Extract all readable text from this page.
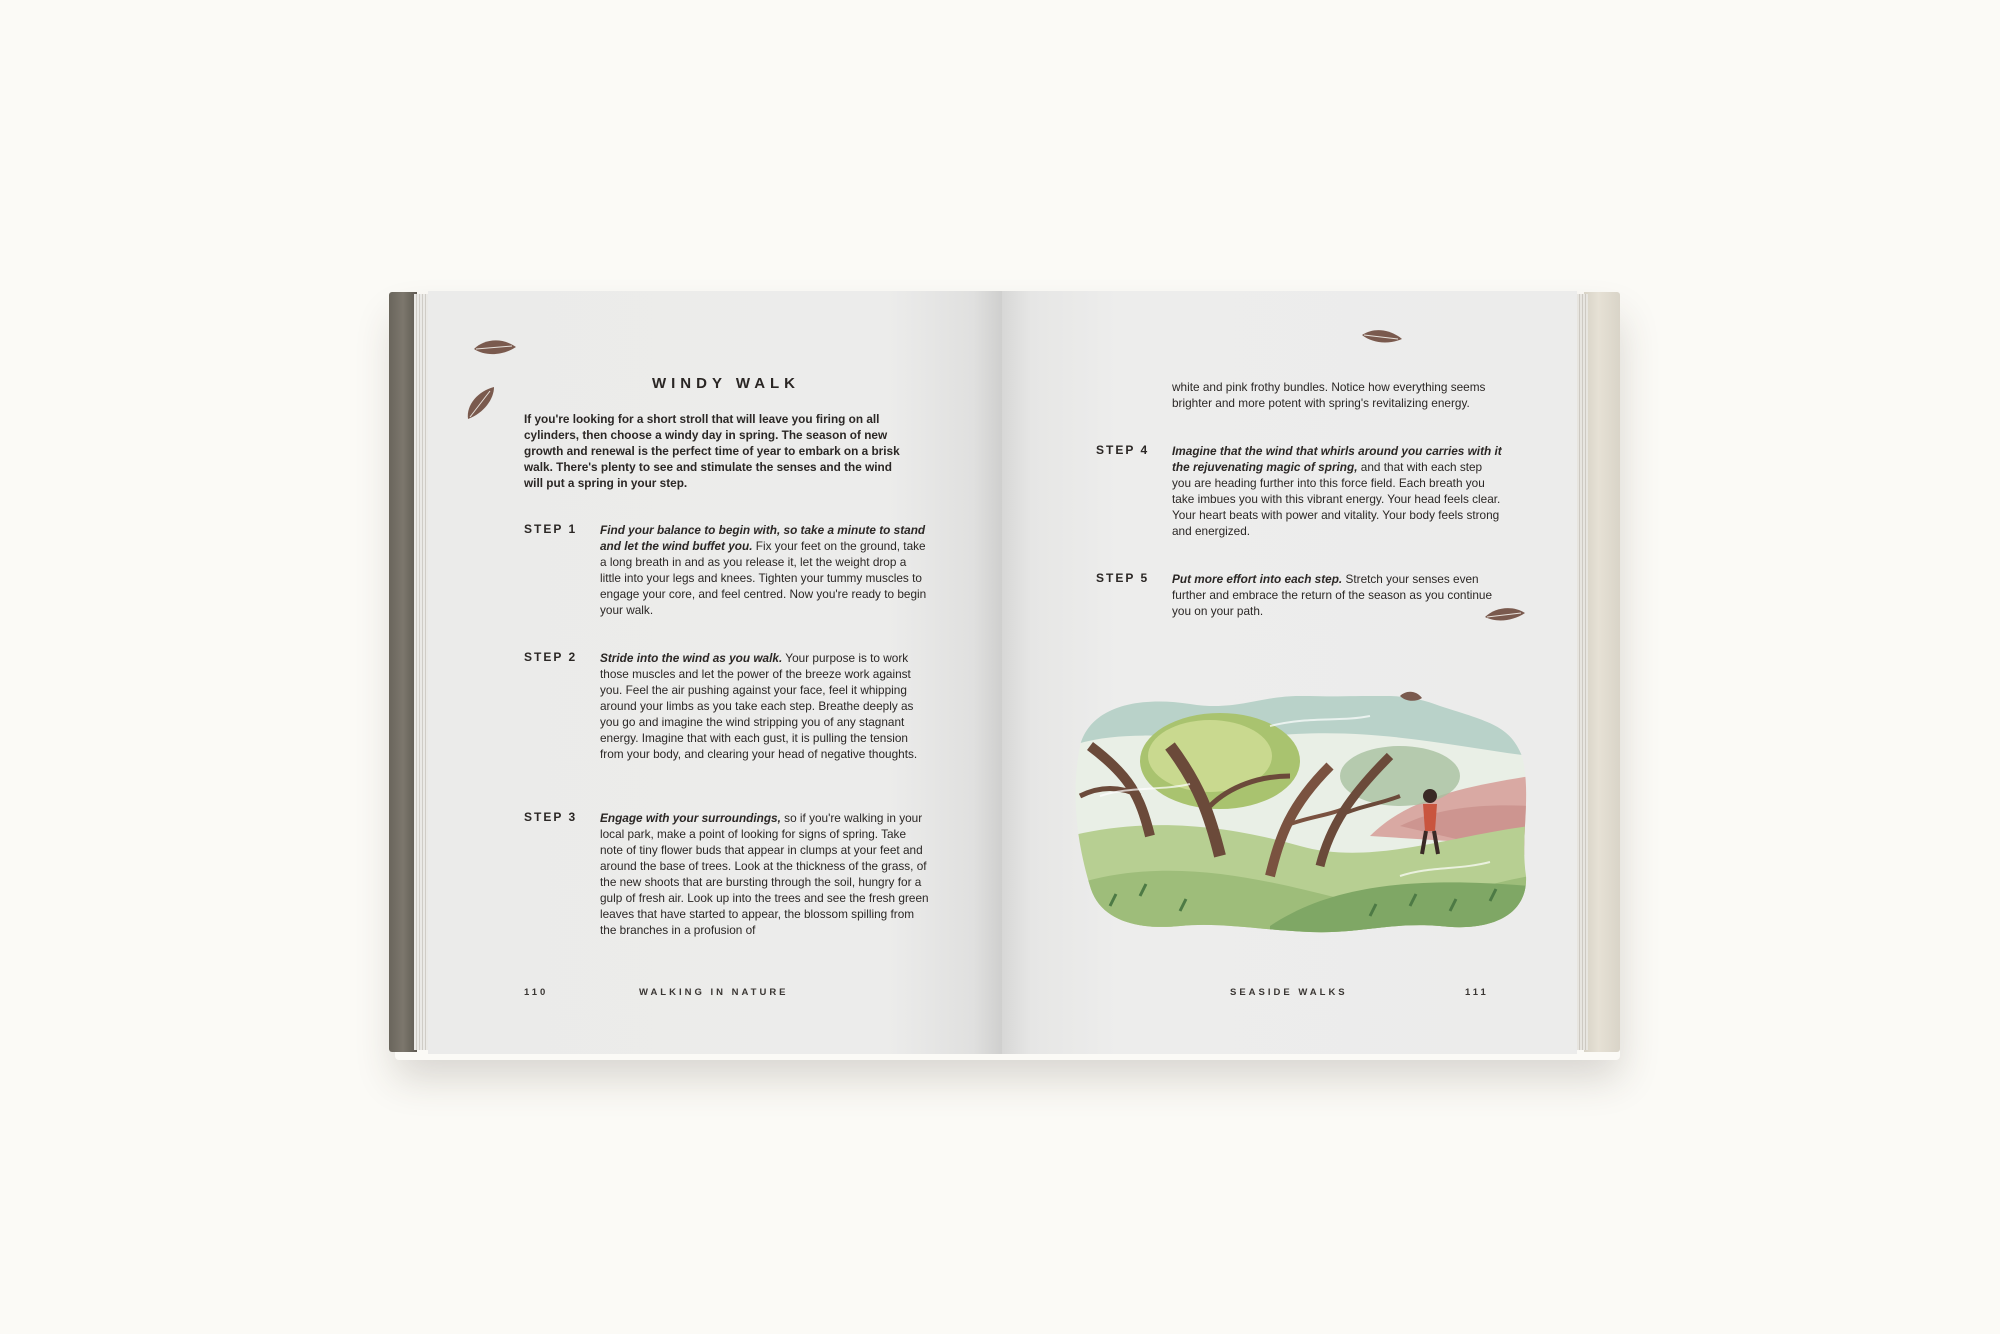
WINDY WALK

If you're looking for a short stroll that will leave you firing on all cylinders, then choose a windy day in spring. The season of new growth and renewal is the perfect time of year to embark on a brisk walk. There's plenty to see and stimulate the senses and the wind will put a spring in your step.

STEP 1	Find your balance to begin with, so take a minute to stand and let the wind buffet you. Fix your feet on the ground, take a long breath in and as you release it, let the weight drop a little into your legs and knees. Tighten your tummy muscles to engage your core, and feel centred. Now you're ready to begin your walk.

STEP 2	Stride into the wind as you walk. Your purpose is to work those muscles and let the power of the breeze work against you. Feel the air pushing against your face, feel it whipping around your limbs as you take each step. Breathe deeply as you go and imagine the wind stripping you of any stagnant energy. Imagine that with each gust, it is pulling the tension from your body, and clearing your head of negative thoughts.

STEP 3	Engage with your surroundings, so if you're walking in your local park, make a point of looking for signs of spring. Take note of tiny flower buds that appear in clumps at your feet and around the base of trees. Look at the thickness of the grass, of the new shoots that are bursting through the soil, hungry for a gulp of fresh air. Look up into the trees and see the fresh green leaves that have started to appear, the blossom spilling from the branches in a profusion of

110	WALKING IN NATURE

white and pink frothy bundles. Notice how everything seems brighter and more potent with spring's revitalizing energy.

STEP 4	Imagine that the wind that whirls around you carries with it the rejuvenating magic of spring, and that with each step you are heading further into this force field. Each breath you take imbues you with this vibrant energy. Your head feels clear. Your heart beats with power and vitality. Your body feels strong and energized.

STEP 5	Put more effort into each step. Stretch your senses even further and embrace the return of the season as you continue you on your path.

SEASIDE WALKS	111
